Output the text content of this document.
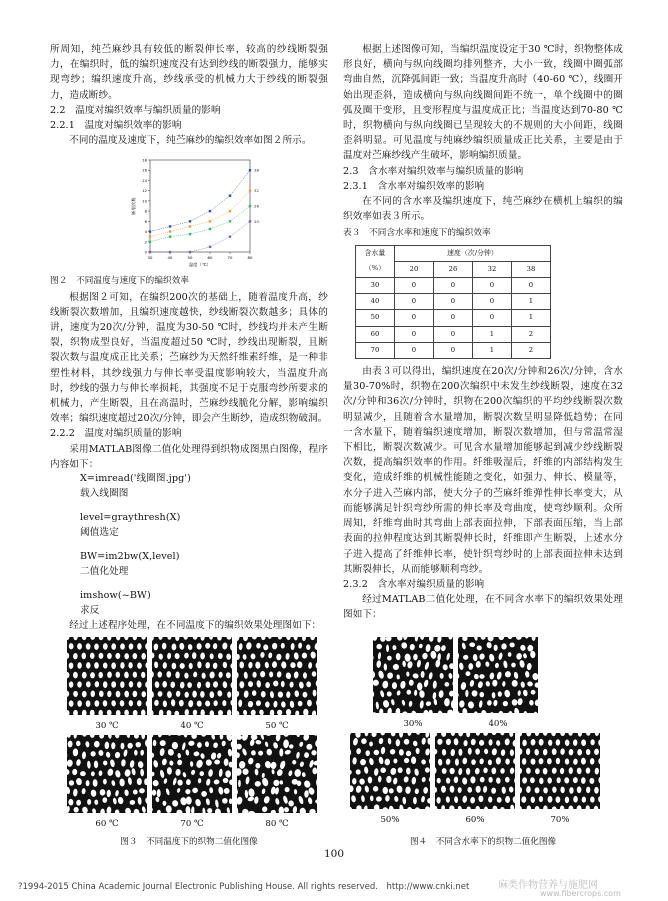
所周知，纯苎麻纱具有较低的断裂伸长率，较高的纱线断裂强力，在编织时，低的编织速度没有达到纱线的断裂强力，能够实现弯纱；编织速度升高，纱线承受的机械力大于纱线的断裂强力，造成断纱。

2.2　温度对编织效率与编织质量的影响

2.2.1　温度对编织效率的影响

不同的温度及速度下，纯苎麻纱的编织效率如图２所示。

0
2
4
6
8
10
12
14
16
18
30	40	50	60	70	80
温度（℃）
断裂次数
38
32
26
20

图２　不同温度与速度下的编织效率

根据图２可知，在编织200次的基础上，随着温度升高，纱线断裂次数增加，且编织速度越快，纱线断裂次数越多；具体的讲，速度为20次/分钟，温度为30-50 ℃时，纱线均并未产生断裂，织物成型良好，当温度超过50 ℃时，纱线出现断裂，且断裂次数与温度成正比关系；苎麻纱为天然纤维素纤维，是一种非塑性材料，其纱线强力与伸长率受温度影响较大，当温度升高时，纱线的强力与伸长率损耗，其强度不足于克服弯纱所要求的机械力，产生断裂，且在高温时，苎麻纱线脆化分解，影响编织效率；编织速度超过20次/分钟，即会产生断纱，造成织物破洞。

2.2.2　温度对编织质量的影响

采用MATLAB图像二值化处理得到织物成图黑白图像，程序内容如下：

X=imread('线圈图.jpg')
载入线圈图
level=graythresh(X)
阈值选定
BW=im2bw(X,level)
二值化处理
imshow(~BW)
求反

经过上述程序处理，在不同温度下的编织效果处理图如下：

30 ℃	40 ℃	50 ℃
60 ℃	70 ℃	80 ℃

图３　不同温度下的织物二值化图像

根据上述图像可知，当编织温度设定于30 ℃时，织物整体成形良好，横向与纵向线圈均排列整齐，大小一致，线圈中圈弧部弯曲自然，沉降弧间距一致；当温度升高时（40-60 ℃），线圈开始出现歪斜，造成横向与纵向线圈间距不统一，单个线圈中的圈弧及圈干变形，且变形程度与温度成正比；当温度达到70-80 ℃时，织物横向与纵向线圈已呈现较大的不规则的大小间距，线圈歪斜明显。可见温度与纯麻纱编织质量成正比关系，主要是由于温度对苎麻纱线产生破坏，影响编织质量。

2.3　含水率对编织效率与编织质量的影响

2.3.1　含水率对编织效率的影响

在不同的含水率及编织速度下，纯苎麻纱在横机上编织的编织效率如表３所示。

表３　不同含水率和速度下的编织效率

含水量
（%）	速度（次/分钟）			
	20	26	32	38
30	0	0	0	0
40	0	0	0	1
50	0	0	0	1
60	0	0	1	2
70	0	0	1	2

由表３可以得出，编织速度在20次/分钟和26次/分钟，含水量30-70%时，织物在200次编织中未发生纱线断裂，速度在32次/分钟和36次/分钟时，织物在200次编织的平均纱线断裂次数明显减少，且随着含水量增加，断裂次数呈明显降低趋势；在同一含水量下，随着编织速度增加，断裂次数增加，但与常温常湿下相比，断裂次数减少。可见含水量增加能够起到减少纱线断裂次数，提高编织效率的作用。纤维吸湿后，纤维的内部结构发生变化，造成纤维的机械性能随之变化，如强力、伸长、模量等，水分子进入苎麻内部，使大分子的苎麻纤维弹性伸长率变大，从而能够满足针织弯纱所需的伸长率及弯曲度，使弯纱顺利。众所周知，纤维弯曲时其弯曲上部表面拉伸，下部表面压缩，当上部表面的拉伸程度达到其断裂伸长时，纤维即产生断裂，上述水分子进入提高了纤维伸长率，使针织弯纱时的上部表面拉伸未达到其断裂伸长，从而能够顺利弯纱。

2.3.2　含水率对编织质量的影响

经过MATLAB二值化处理，在不同含水率下的编织效果处理图如下：

30%	40%
50%	60%	70%

图４　不同含水率下的织物二值化图像

100
?1994-2015 China Academic Journal Electronic Publishing House. All rights reserved.　http://www.cnki.net	麻类作物营养与施肥网
www.fibercrops.com
